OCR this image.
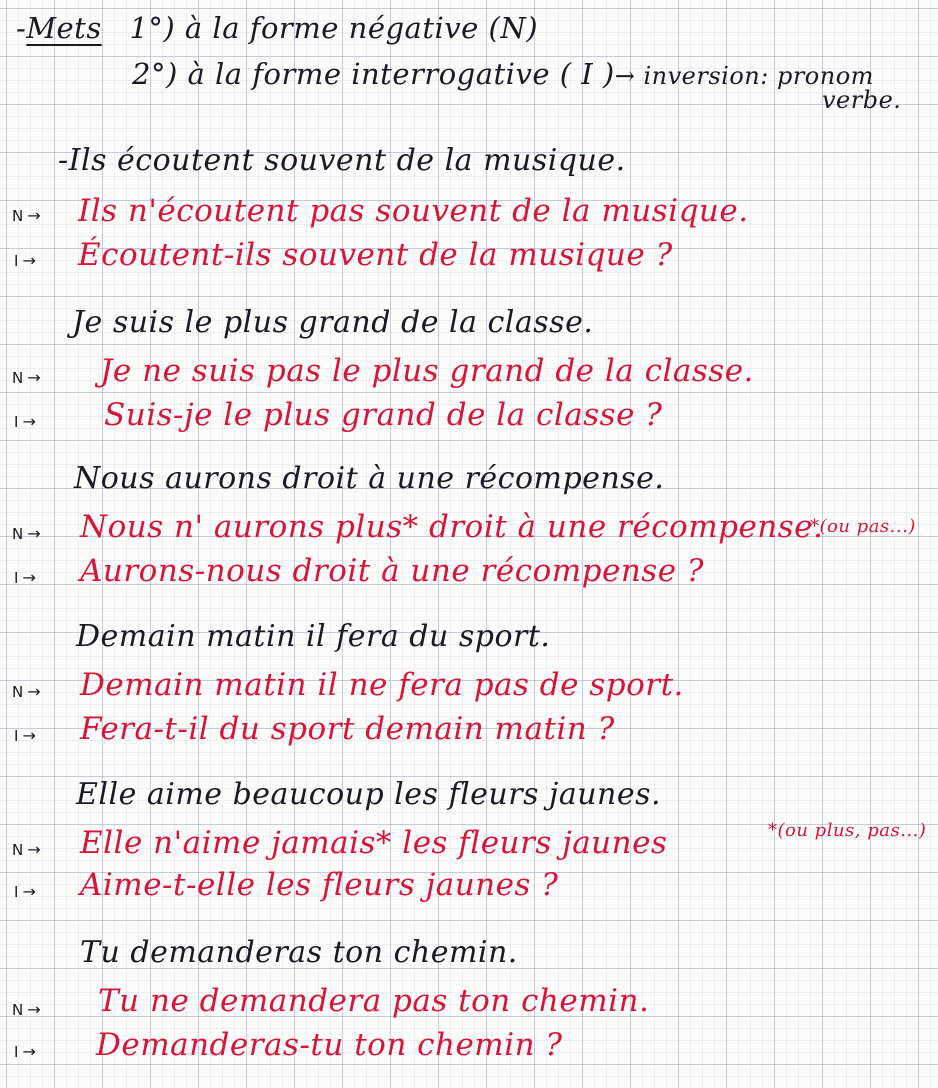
-Mets 1°) à la forme négative (N)
2°) à la forme interrogative ( I )→ inversion: pronom
verbe.
-Ils écoutent souvent de la musique.
N → Ils n'écoutent pas souvent de la musique.
I → Écoutent-ils souvent de la musique ?
Je suis le plus grand de la classe.
N → Je ne suis pas le plus grand de la classe.
I → Suis-je le plus grand de la classe ?
Nous aurons droit à une récompense.
N → Nous n' aurons plus* droit à une récompense.
*(ou pas...)
I → Aurons-nous droit à une récompense ?
Demain matin il fera du sport.
N → Demain matin il ne fera pas de sport.
I → Fera-t-il du sport demain matin ?
Elle aime beaucoup les fleurs jaunes.
N → Elle n'aime jamais* les fleurs jaunes	*(ou plus, pas...)
I → Aime-t-elle les fleurs jaunes ?
Tu demanderas ton chemin.
N → Tu ne demandera pas ton chemin.
I → Demanderas-tu ton chemin ?
